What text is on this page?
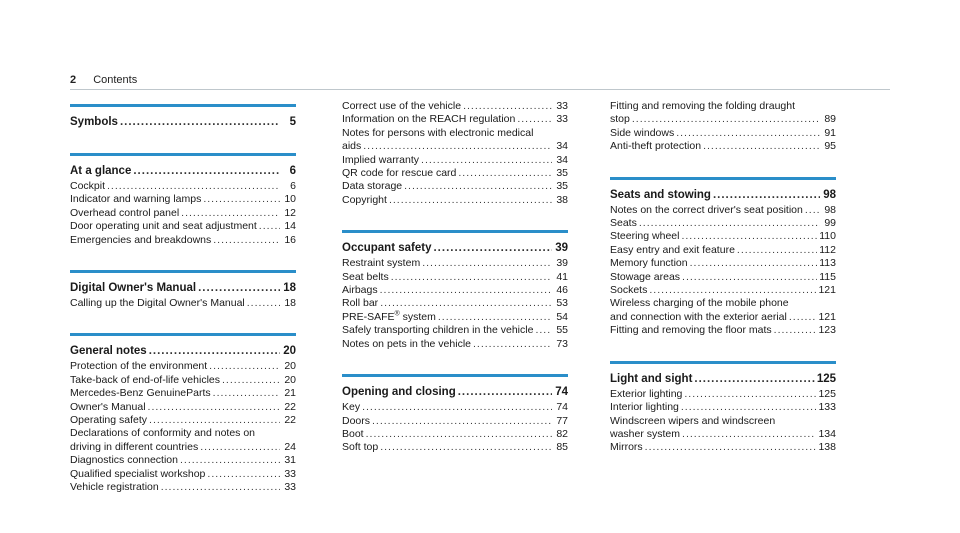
2 Contents
Symbols .....	5
At a glance .....	6
Cockpit .....	6
Indicator and warning lamps .....	10
Overhead control panel .....	12
Door operating unit and seat adjustment .....	14
Emergencies and breakdowns .....	16
Digital Owner's Manual .....	18
Calling up the Digital Owner's Manual .....	18
General notes .....	20
Protection of the environment .....	20
Take-back of end-of-life vehicles .....	20
Mercedes-Benz GenuineParts .....	21
Owner's Manual .....	22
Operating safety .....	22
Declarations of conformity and notes on
driving in different countries .....	24
Diagnostics connection .....	31
Qualified specialist workshop .....	33
Vehicle registration .....	33
Correct use of the vehicle .....	33
Information on the REACH regulation .....	33
Notes for persons with electronic medical
aids .....	34
Implied warranty .....	34
QR code for rescue card .....	35
Data storage .....	35
Copyright .....	38
Occupant safety .....	39
Restraint system .....	39
Seat belts .....	41
Airbags .....	46
Roll bar .....	53
PRE-SAFE® system .....	54
Safely transporting children in the vehicle ..... 55
Notes on pets in the vehicle .....	73
Opening and closing .....	74
Key .....	74
Doors .....	77
Boot .....	82
Soft top .....	85
Fitting and removing the folding draught
stop .....	89
Side windows .....	91
Anti-theft protection .....	95
Seats and stowing .....	98
Notes on the correct driver's seat position ..... 98
Seats .....	99
Steering wheel .....	110
Easy entry and exit feature .....	112
Memory function .....	113
Stowage areas .....	115
Sockets .....	121
Wireless charging of the mobile phone
and connection with the exterior aerial .....	121
Fitting and removing the floor mats .....	123
Light and sight .....	125
Exterior lighting .....	125
Interior lighting .....	133
Windscreen wipers and windscreen
washer system .....	134
Mirrors .....	138
